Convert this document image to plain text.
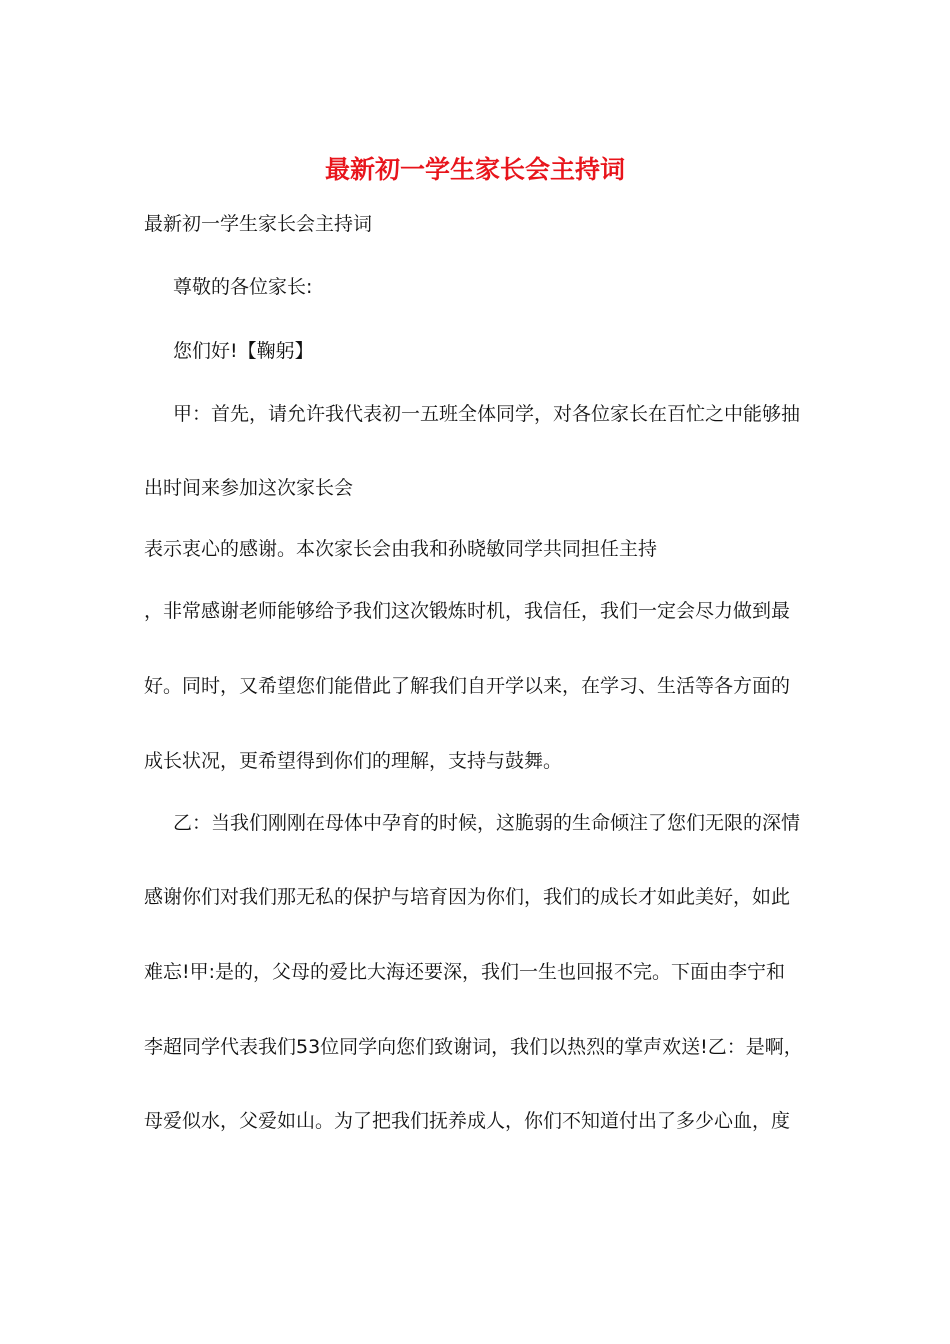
最新初一学生家长会主持词
最新初一学生家长会主持词
尊敬的各位家长:
您们好!【鞠躬】
甲：首先，请允许我代表初一五班全体同学，对各位家长在百忙之中能够抽
出时间来参加这次家长会
表示衷心的感谢。本次家长会由我和孙晓敏同学共同担任主持
，非常感谢老师能够给予我们这次锻炼时机，我信任，我们一定会尽力做到最
好。同时，又希望您们能借此了解我们自开学以来，在学习、生活等各方面的
成长状况，更希望得到你们的理解，支持与鼓舞。
乙：当我们刚刚在母体中孕育的时候，这脆弱的生命倾注了您们无限的深情
感谢你们对我们那无私的保护与培育因为你们，我们的成长才如此美好，如此
难忘!甲:是的，父母的爱比大海还要深，我们一生也回报不完。下面由李宁和
李超同学代表我们53位同学向您们致谢词，我们以热烈的掌声欢送!乙：是啊，
母爱似水，父爱如山。为了把我们抚养成人，你们不知道付出了多少心血，度
